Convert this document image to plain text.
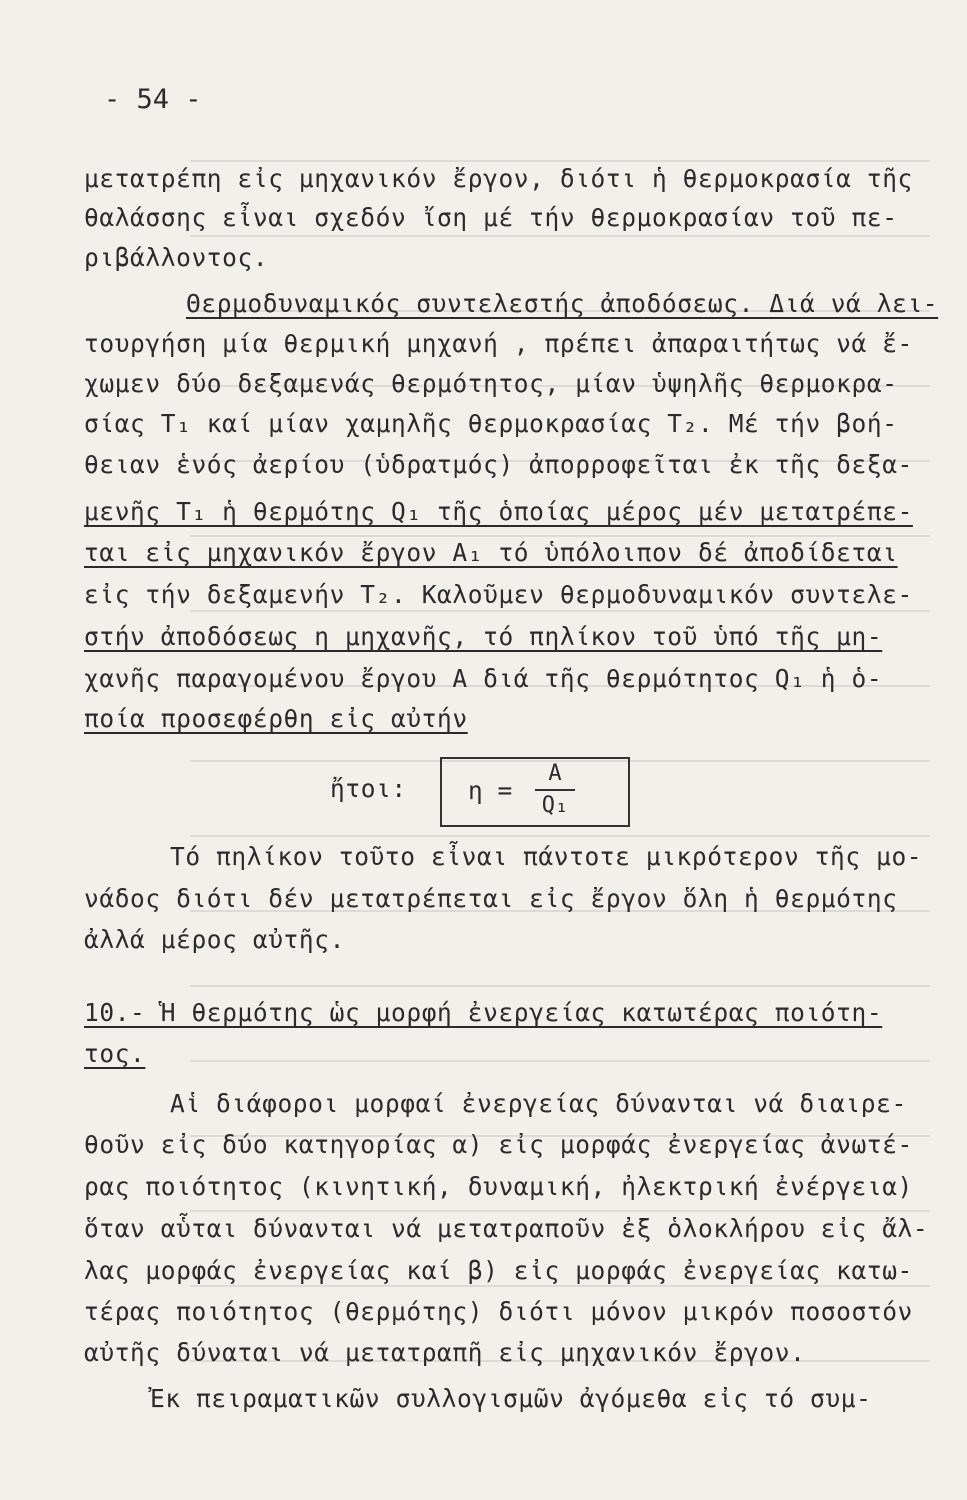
- 54 -
μετατρέπη εἰς μηχανικόν ἔργον, διότι ἡ θερμοκρασία τῆς
θαλάσσης εἶναι σχεδόν ἴση μέ τήν θερμοκρασίαν τοῦ πε-
ριβάλλοντος.
Θερμοδυναμικός συντελεστής ἀποδόσεως. Διά νά λει-
τουργήση μία θερμική μηχανή , πρέπει ἀπαραιτήτως νά ἔ-
χωμεν δύο δεξαμενάς θερμότητος, μίαν ὑψηλῆς θερμοκρα-
σίας T₁ καί μίαν χαμηλῆς θερμοκρασίας T₂. Μέ τήν βοή-
θειαν ἑνός ἀερίου (ὑδρατμός) ἀπορροφεῖται ἐκ τῆς δεξα-
μενῆς T₁ ἡ θερμότης Q₁ τῆς ὁποίας μέρος μέν μετατρέπε-
ται εἰς μηχανικόν ἔργον A₁ τό ὑπόλοιπον δέ ἀποδίδεται
εἰς τήν δεξαμενήν T₂. Καλοῦμεν θερμοδυναμικόν συντελε-
στήν ἀποδόσεως η μηχανῆς, τό πηλίκον τοῦ ὑπό τῆς μη-
χανῆς παραγομένου ἔργου A διά τῆς θερμότητος Q₁ ἡ ὁ-
ποία προσεφέρθη εἰς αὐτήν
ἤτοι: η =
A
Q₁
Τό πηλίκον τοῦτο εἶναι πάντοτε μικρότερον τῆς μο-
νάδος διότι δέν μετατρέπεται εἰς ἔργον ὅλη ἡ θερμότης
ἀλλά μέρος αὐτῆς.
10.- Ἡ θερμότης ὡς μορφή ἐνεργείας κατωτέρας ποιότη-
τος.
Αἱ διάφοροι μορφαί ἐνεργείας δύνανται νά διαιρε-
θοῦν εἰς δύο κατηγορίας α) εἰς μορφάς ἐνεργείας ἀνωτέ-
ρας ποιότητος (κινητική, δυναμική, ἠλεκτρική ἐνέργεια)
ὅταν αὗται δύνανται νά μετατραποῦν ἐξ ὁλοκλήρου εἰς ἄλ-
λας μορφάς ἐνεργείας καί β) εἰς μορφάς ἐνεργείας κατω-
τέρας ποιότητος (θερμότης) διότι μόνον μικρόν ποσοστόν
αὐτῆς δύναται νά μετατραπῆ εἰς μηχανικόν ἔργον.
Ἐκ πειραματικῶν συλλογισμῶν ἀγόμεθα εἰς τό συμ-
